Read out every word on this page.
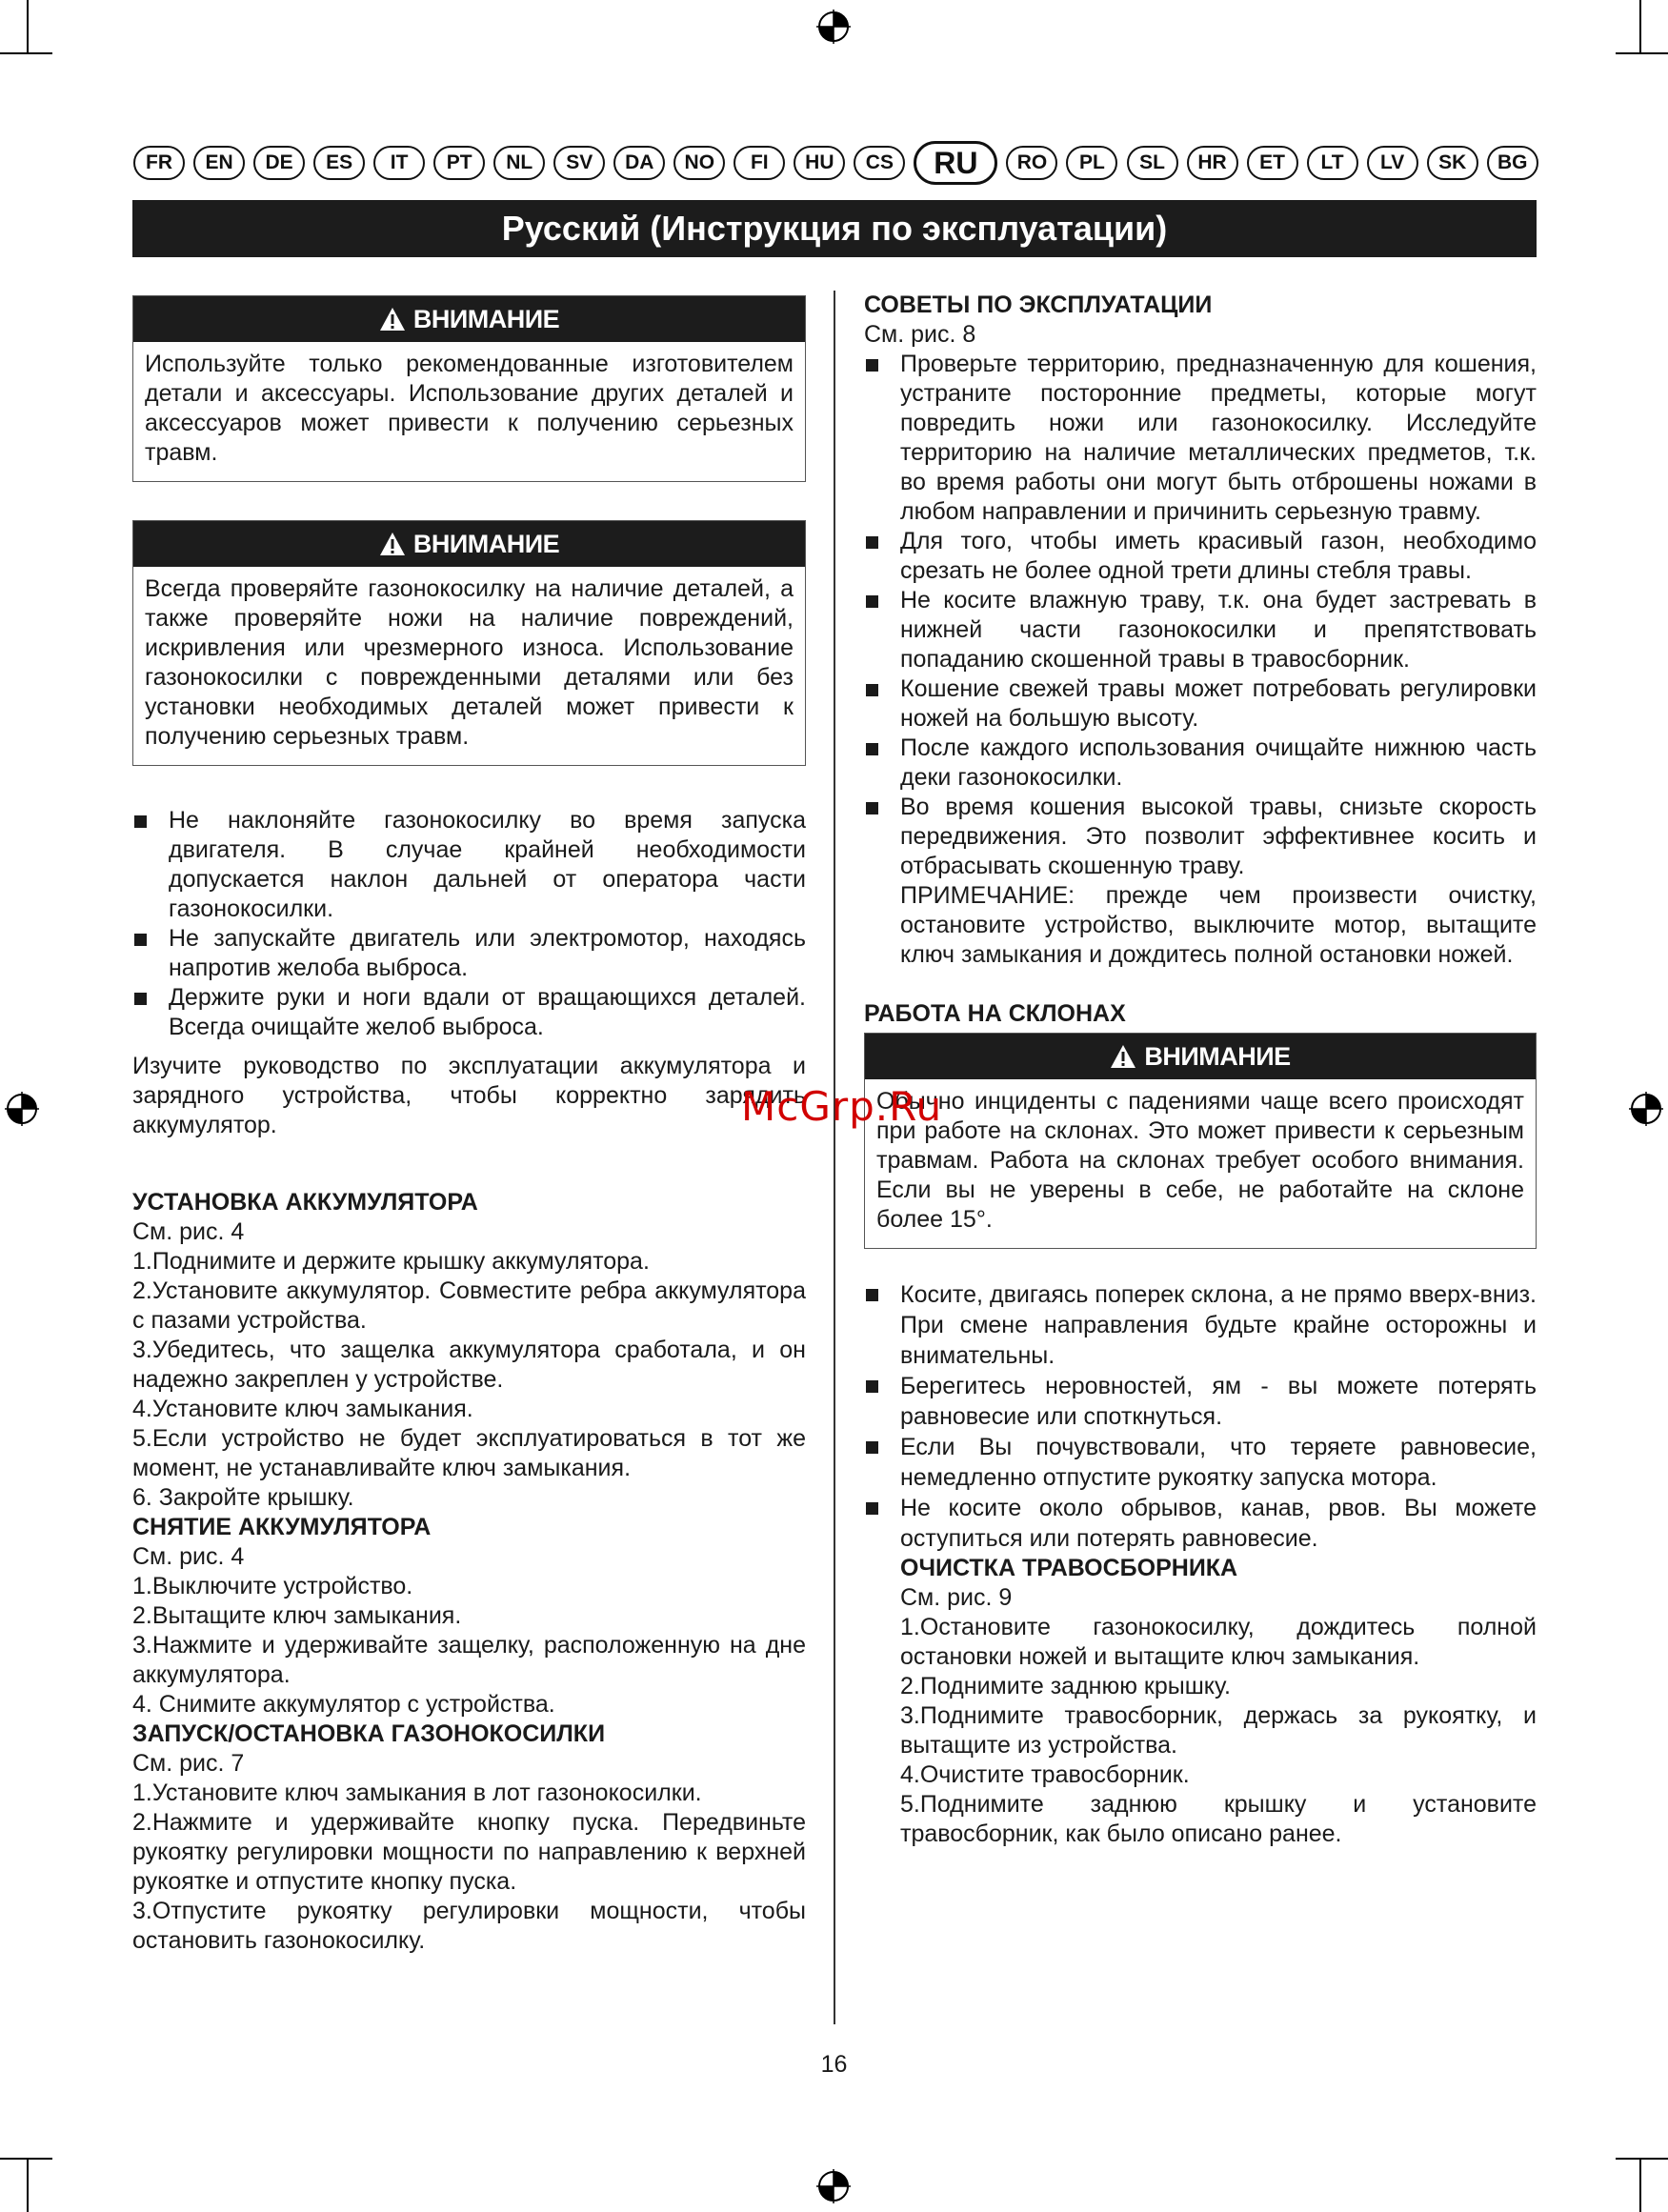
FR	EN	DE	ES	IT	PT	NL	SV	DA	NO	FI	HU	CS	RU	RO	PL	SL	HR	ET	LT	LV	SK	BG
Русский (Инструкция по эксплуатации)
ВНИМАНИЕ
Используйте только рекомендованные изготовителем детали и аксессуары. Использование других деталей и аксессуаров может привести к получению серьезных травм.
ВНИМАНИЕ
Всегда проверяйте газонокосилку на наличие деталей, а также проверяйте ножи на наличие повреждений, искривления или чрезмерного износа. Использование газонокосилки с поврежденными деталями или без установки необходимых деталей может привести к получению серьезных травм.
Не наклоняйте газонокосилку во время запуска двигателя. В случае крайней необходимости допускается наклон дальней от оператора части газонокосилки.
Не запускайте двигатель или электромотор, находясь напротив желоба выброса.
Держите руки и ноги вдали от вращающихся деталей. Всегда очищайте желоб выброса.

Изучите руководство по эксплуатации аккумулятора и зарядного устройства, чтобы корректно зарядить аккумулятор.

УСТАНОВКА АККУМУЛЯТОРА

См. рис. 4

1.Поднимите и держите крышку аккумулятора.

2.Установите аккумулятор. Совместите ребра аккумулятора с пазами устройства.

3.Убедитесь, что защелка аккумулятора сработала, и он надежно закреплен у устройстве.

4.Установите ключ замыкания.

5.Если устройство не будет эксплуатироваться в тот же момент, не устанавливайте ключ замыкания.

6. Закройте крышку.

СНЯТИЕ АККУМУЛЯТОРА

См. рис. 4

1.Выключите устройство.

2.Вытащите ключ замыкания.

3.Нажмите и удерживайте защелку, расположенную на дне аккумулятора.

4. Снимите аккумулятор с устройства.

ЗАПУСК/ОСТАНОВКА ГАЗОНОКОСИЛКИ

См. рис. 7

1.Установите ключ замыкания в лот газонокосилки.

2.Нажмите и удерживайте кнопку пуска. Передвиньте рукоятку регулировки мощности по направлению к верхней рукоятке и отпустите кнопку пуска.

3.Отпустите рукоятку регулировки мощности, чтобы остановить газонокосилку.

СОВЕТЫ ПО ЭКСПЛУАТАЦИИ

См. рис. 8

Проверьте территорию, предназначенную для кошения, устраните посторонние предметы, которые могут повредить ножи или газонокосилку. Исследуйте территорию на наличие металлических предметов, т.к. во время работы они могут быть отброшены ножами в любом направлении и причинить серьезную травму.
Для того, чтобы иметь красивый газон, необходимо срезать не более одной трети длины стебля травы.
Не косите влажную траву, т.к. она будет застревать в нижней части газонокосилки и препятствовать попаданию скошенной травы в травосборник.
Кошение свежей травы может потребовать регулировки ножей на большую высоту.
После каждого использования очищайте нижнюю часть деки газонокосилки.
Во время кошения высокой травы, снизьте скорость передвижения. Это позволит эффективнее косить и отбрасывать скошенную траву.

ПРИМЕЧАНИЕ: прежде чем произвести очистку, остановите устройство, выключите мотор, вытащите ключ замыкания и дождитесь полной остановки ножей.

РАБОТА НА СКЛОНАХ

ВНИМАНИЕ
Обычно инциденты с падениями чаще всего происходят при работе на склонах. Это может привести к серьезным травмам. Работа на склонах требует особого внимания. Если вы не уверены в себе, не работайте на склоне более 15°.
Косите, двигаясь поперек склона, а не прямо вверх-вниз. При смене направления будьте крайне осторожны и внимательны.
Берегитесь неровностей, ям - вы можете потерять равновесие или споткнуться.
Если Вы почувствовали, что теряете равновесие, немедленно отпустите рукоятку запуска мотора.
Не косите около обрывов, канав, рвов. Вы можете оступиться или потерять равновесие.

ОЧИСТКА ТРАВОСБОРНИКА

См. рис. 9

1.Остановите газонокосилку, дождитесь полной остановки ножей и вытащите ключ замыкания.

2.Поднимите заднюю крышку.

3.Поднимите травосборник, держась за рукоятку, и вытащите из устройства.

4.Очистите травосборник.

5.Поднимите заднюю крышку и установите травосборник, как было описано ранее.

McGrp.Ru
16
